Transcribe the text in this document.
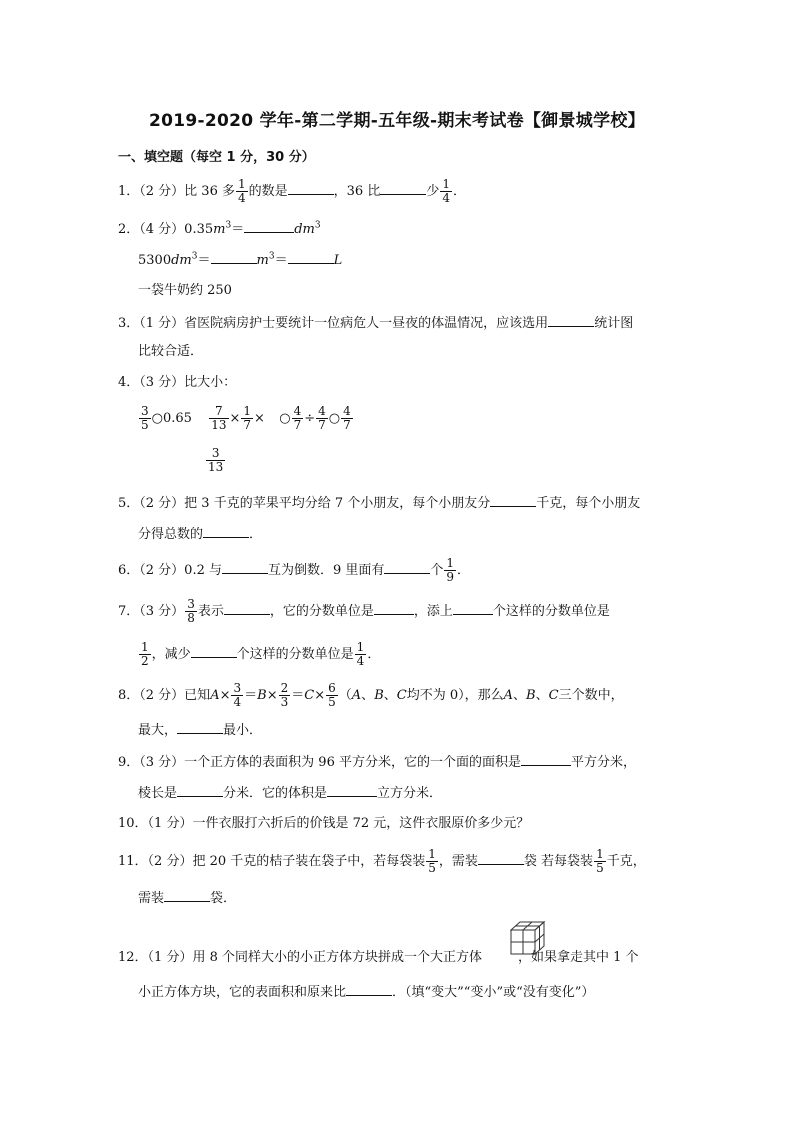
2019-2020 学年-第二学期-五年级-期末考试卷【御景城学校】
一、填空题（每空 1 分，30 分）
1．（2 分）比 36 多 $\frac{1}{4}$ 的数是	，36 比	少 $\frac{1}{4}$ ．
2．（4 分）$0.35m^3=$	$dm^3$
$5300dm^3=$	$m^3=$	L
一袋牛奶约 250
3．（1 分）省医院病房护士要统计一位病危人一昼夜的体温情况，应该选用	统计图
比较合适．
4．（3 分）比大小：
$\frac{3}{5}$ ○0.65 $\frac{7}{13} \times \frac{1}{7}$ × ○ $\frac{4}{7} \div \frac{4}{7}$ ○ $\frac{4}{7}$
$\frac{3}{13}$
5．（2 分）把 3 千克的苹果平均分给 7 个小朋友，每个小朋友分	千克，每个小朋友
分得总数的	．
6．（2 分）0.2 与	互为倒数．9 里面有	个 $\frac{1}{9}$ ．
7．（3 分） $\frac{3}{8}$ 表示	，它的分数单位是	，添上	个这样的分数单位是
$\frac{1}{2}$ ，减少	个这样的分数单位是 $\frac{1}{4}$ ．
8．（2 分）已知$A\times \frac{3}{4} =B\times \frac{2}{3} =C\times \frac{6}{5} (A$、B、C均不为 0），那么A、B、C三个数中，
最大，	最小．
9．（3 分）一个正方体的表面积为 96 平方分米，它的一个面的面积是	平方分米，
棱长是	分米．它的体积是	立方分米．
10．（1 分）一件衣服打六折后的价钱是 72 元，这件衣服原价多少元？
11．（2 分）把 20 千克的桔子装在袋子中，若每袋装 $\frac{1}{5}$ ，需装	袋 若每袋装 $\frac{1}{5}$ 千克，
需装	袋．
12．（1 分）用 8 个同样大小的小正方体方块拼成一个大正方体	，如果拿走其中 1 个
小正方体方块，它的表面积和原来比	．（填“变大”“变小”或“没有变化”）
